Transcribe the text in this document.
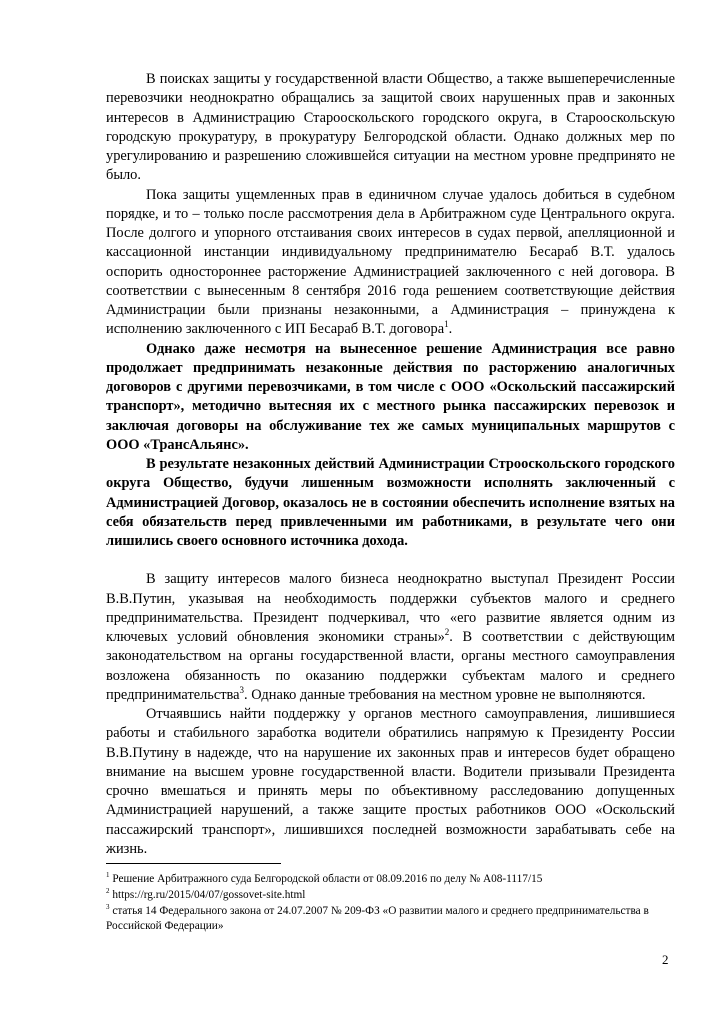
В поисках защиты у государственной власти Общество, а также вышеперечисленные перевозчики неоднократно обращались за защитой своих нарушенных прав и законных интересов в Администрацию Старооскольского городского округа, в Старооскольскую городскую прокуратуру, в прокуратуру Белгородской области. Однако должных мер по урегулированию и разрешению сложившейся ситуации на местном уровне предпринято не было.

Пока защиты ущемленных прав в единичном случае удалось добиться в судебном порядке, и то – только после рассмотрения дела в Арбитражном суде Центрального округа. После долгого и упорного отстаивания своих интересов в судах первой, апелляционной и кассационной инстанции индивидуальному предпринимателю Бесараб В.Т. удалось оспорить одностороннее расторжение Администрацией заключенного с ней договора. В соответствии с вынесенным 8 сентября 2016 года решением соответствующие действия Администрации были признаны незаконными, а Администрация – принуждена к исполнению заключенного с ИП Бесараб В.Т. договора$^1$.

Однако даже несмотря на вынесенное решение Администрация все равно продолжает предпринимать незаконные действия по расторжению аналогичных договоров с другими перевозчиками, в том числе с ООО «Оскольский пассажирский транспорт», методично вытесняя их с местного рынка пассажирских перевозок и заключая договоры на обслуживание тех же самых муниципальных маршрутов с ООО «ТрансАльянс».

В результате незаконных действий Администрации Строоскольского городского округа Общество, будучи лишенным возможности исполнять заключенный с Администрацией Договор, оказалось не в состоянии обеспечить исполнение взятых на себя обязательств перед привлеченными им работниками, в результате чего они лишились своего основного источника дохода.

В защиту интересов малого бизнеса неоднократно выступал Президент России В.В.Путин, указывая на необходимость поддержки субъектов малого и среднего предпринимательства. Президент подчеркивал, что «его развитие является одним из ключевых условий обновления экономики страны»$^2$. В соответствии с действующим законодательством на органы государственной власти, органы местного самоуправления возложена обязанность по оказанию поддержки субъектам малого и среднего предпринимательства$^3$. Однако данные требования на местном уровне не выполняются.

Отчаявшись найти поддержку у органов местного самоуправления, лишившиеся работы и стабильного заработка водители обратились напрямую к Президенту России В.В.Путину в надежде, что на нарушение их законных прав и интересов будет обращено внимание на высшем уровне государственной власти. Водители призывали Президента срочно вмешаться и принять меры по объективному расследованию допущенных Администрацией нарушений, а также защите простых работников ООО «Оскольский пассажирский транспорт», лишившихся последней возможности зарабатывать себе на жизнь.

$^1$ Решение Арбитражного суда Белгородской области от 08.09.2016 по делу № А08-1117/15

$^2$ https://rg.ru/2015/04/07/gossovet-site.html

$^3$ статья 14 Федерального закона от 24.07.2007 № 209-ФЗ «О развитии малого и среднего предпринимательства в Российской Федерации»

2
